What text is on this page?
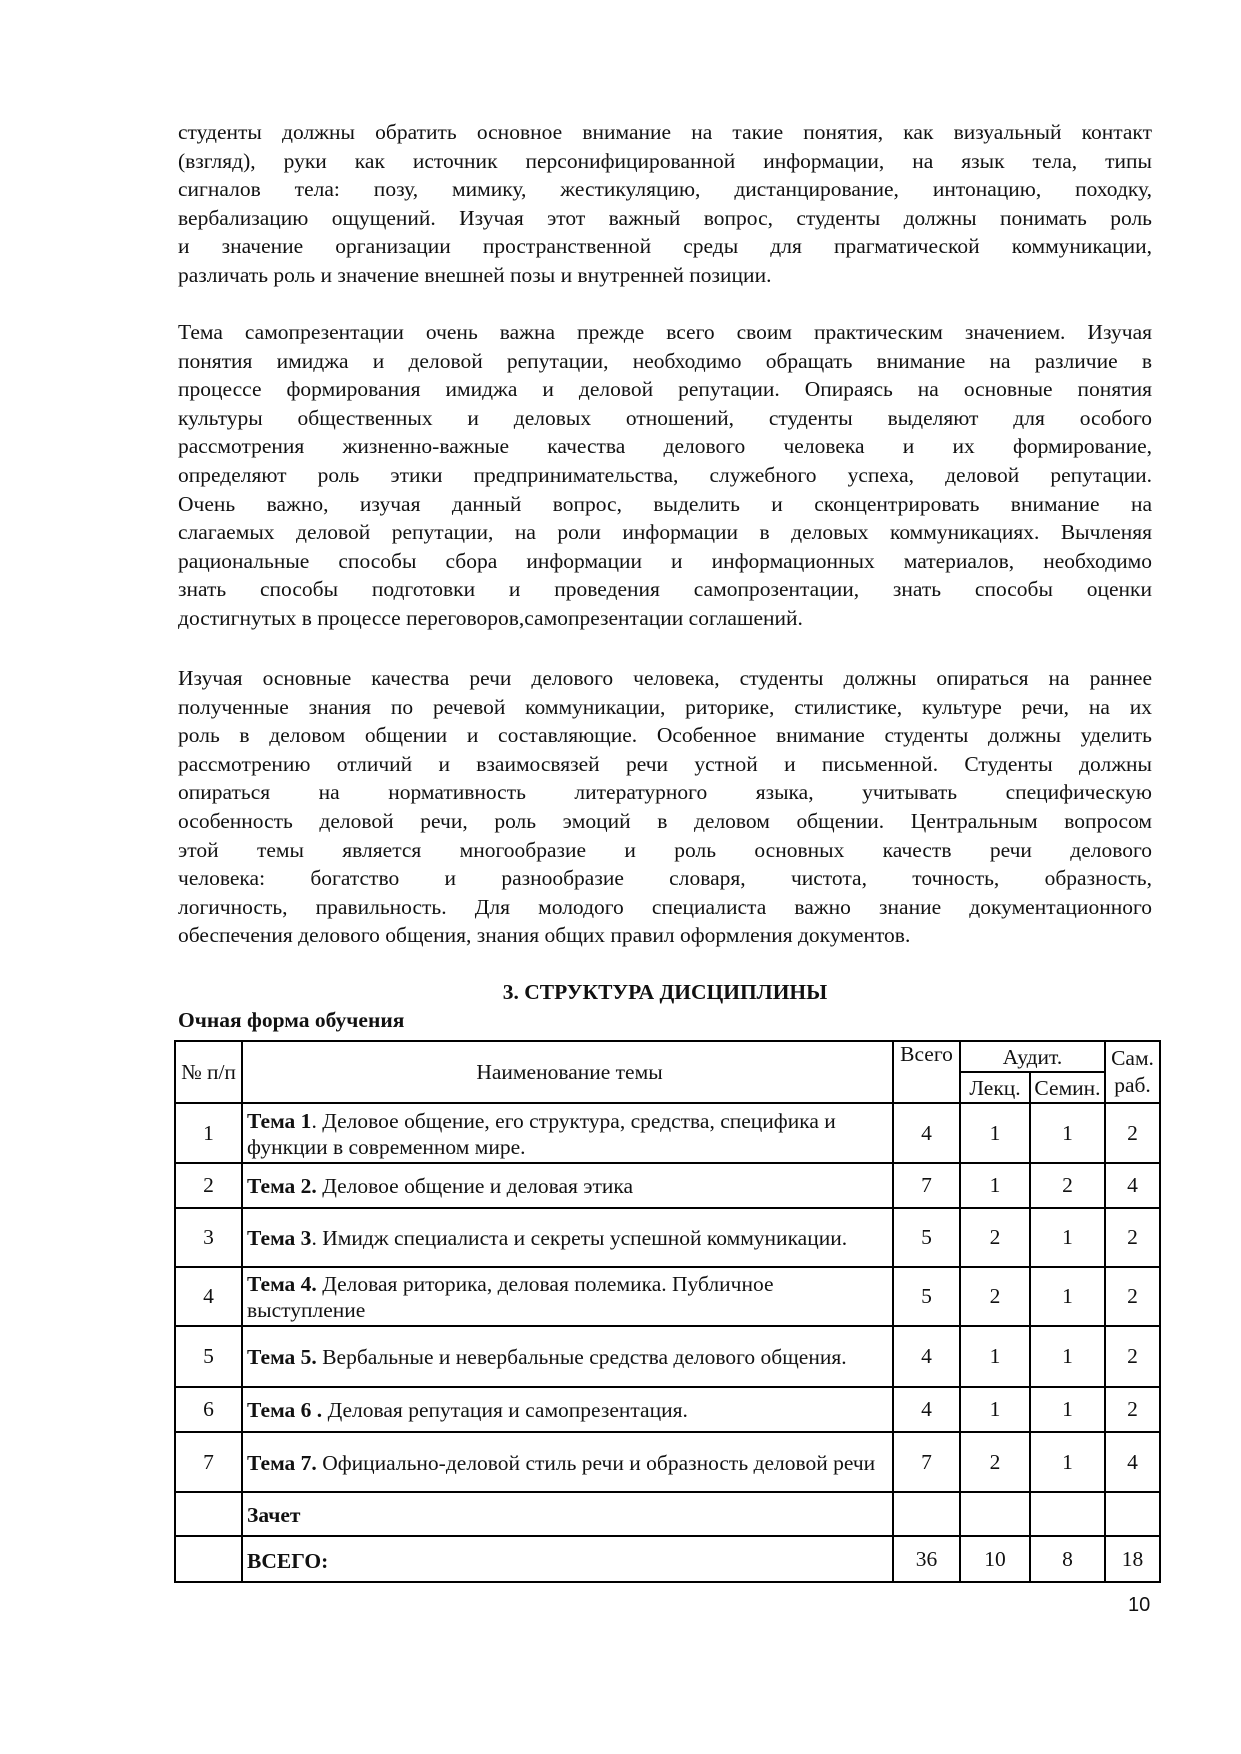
студенты должны обратить основное внимание на такие понятия, как визуальный контакт
(взгляд), руки как источник персонифицированной информации, на язык тела, типы
сигналов тела: позу, мимику, жестикуляцию, дистанцирование, интонацию, походку,
вербализацию ощущений. Изучая этот важный вопрос, студенты должны понимать роль
и значение организации пространственной среды для прагматической коммуникации,
различать роль и значение внешней позы и внутренней позиции.
Тема самопрезентации очень важна прежде всего своим практическим значением. Изучая
понятия имиджа и деловой репутации, необходимо обращать внимание на различие в
процессе формирования имиджа и деловой репутации. Опираясь на основные понятия
культуры общественных и деловых отношений, студенты выделяют для особого
рассмотрения жизненно-важные качества делового человека и их формирование,
определяют роль этики предпринимательства, служебного успеха, деловой репутации.
Очень важно, изучая данный вопрос, выделить и сконцентрировать внимание на
слагаемых деловой репутации, на роли информации в деловых коммуникациях. Вычленяя
рациональные способы сбора информации и информационных материалов, необходимо
знать способы подготовки и проведения самопрозентации, знать способы оценки
достигнутых в процессе переговоров,самопрезентации соглашений.
Изучая основные качества речи делового человека, студенты должны опираться на раннее
полученные знания по речевой коммуникации, риторике, стилистике, культуре речи, на их
роль в деловом общении и составляющие. Особенное внимание студенты должны уделить
рассмотрению отличий и взаимосвязей речи устной и письменной. Студенты должны
опираться на нормативность литературного языка, учитывать специфическую
особенность деловой речи, роль эмоций в деловом общении. Центральным вопросом
этой темы является многообразие и роль основных качеств речи делового
человека: богатство и разнообразие словаря, чистота, точность, образность,
логичность, правильность. Для молодого специалиста важно знание документационного
обеспечения делового общения, знания общих правил оформления документов.
3. СТРУКТУРА ДИСЦИПЛИНЫ
Очная форма обучения
№ п/п	Наименование темы	Всего	Аудит.		Сам. раб.
			Лекц.	Семин.	
1	Тема 1. Деловое общение, его структура, средства, специфика и функции в современном мире.	4	1	1	2
2	Тема 2. Деловое общение и деловая этика	7	1	2	4
3	Тема 3. Имидж специалиста и секреты успешной коммуникации.	5	2	1	2
4	Тема 4. Деловая риторика, деловая полемика. Публичное выступление	5	2	1	2
5	Тема 5. Вербальные и невербальные средства делового общения.	4	1	1	2
6	Тема 6 . Деловая репутация и самопрезентация.	4	1	1	2
7	Тема 7. Официально-деловой стиль речи и образность деловой речи	7	2	1	4

	Зачет				

	ВСЕГО:	36	10	8	18
10
